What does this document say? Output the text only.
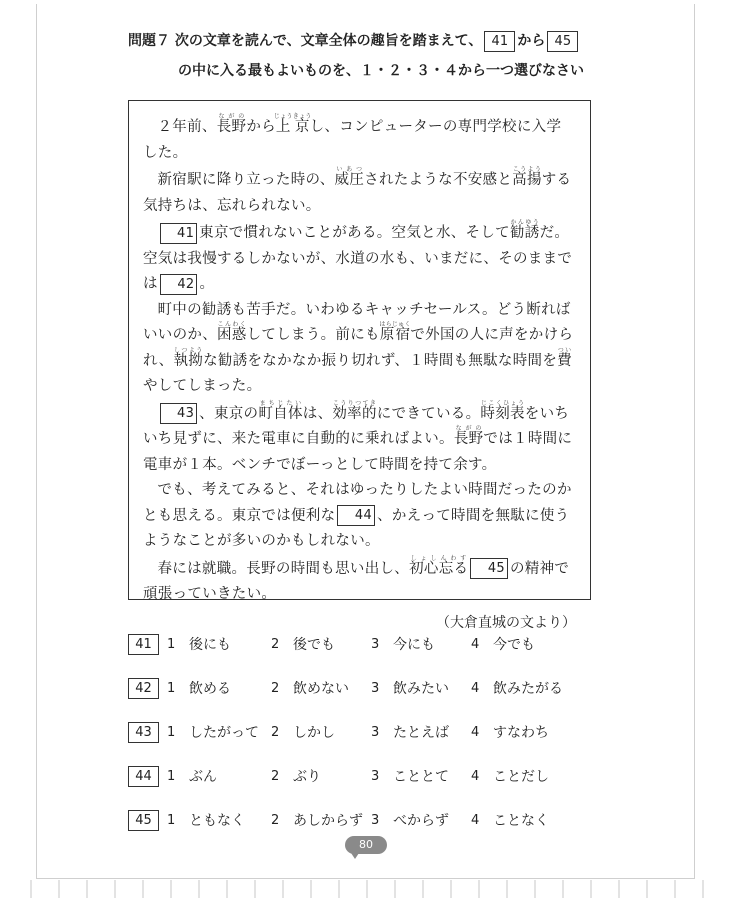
問題７ 次の文章を読んで、文章全体の趣旨を踏まえて、 41 から 45
の中に入る最もよいものを、１・２・３・４から一つ選びなさい

２年前、長野ながのから上京じょうきょうし、コンピューターの専門学校に入学した。

新宿駅に降り立った時の、威圧いあつされたような不安感と高揚こうようする気持ちは、忘れられない。

41 東京で慣れないことがある。空気と水、そして勧誘かんゆうだ。空気は我慢するしかないが、水道の水も、いまだに、そのままでは 42 。

町中の勧誘も苦手だ。いわゆるキャッチセールス。どう断ればいいのか、困惑こんわくしてしまう。前にも原宿はらじゅくで外国の人に声をかけられ、執拗しつような勧誘をなかなか振り切れず、１時間も無駄な時間を費ついやしてしまった。

43 、東京の町自体まちじたいは、効率的こうりつてきにできている。時刻表じこくひょうをいちいち見ずに、来た電車に自動的に乗ればよい。長野ながのでは１時間に電車が１本。ベンチでぼーっとして時間を持て余す。

でも、考えてみると、それはゆったりしたよい時間だったのかとも思える。東京では便利な 44 、かえって時間を無駄に使うようなことが多いのかもしれない。

春には就職。長野の時間も思い出し、初心忘るしょしんわす45 の精神で頑張っていきたい。

（大倉直城の文より）
41	1 後にも	2 後でも	3 今にも	4 今でも
42	1 飲める	2 飲めない 3 飲みたい 4 飲みたがる
43	1 したがって 2 しかし	3 たとえば 4 すなわち
44	1 ぶん	2 ぶり	3 こととて 4 ことだし
45	1 ともなく 2 あしからず 3 べからず 4 ことなく
80
